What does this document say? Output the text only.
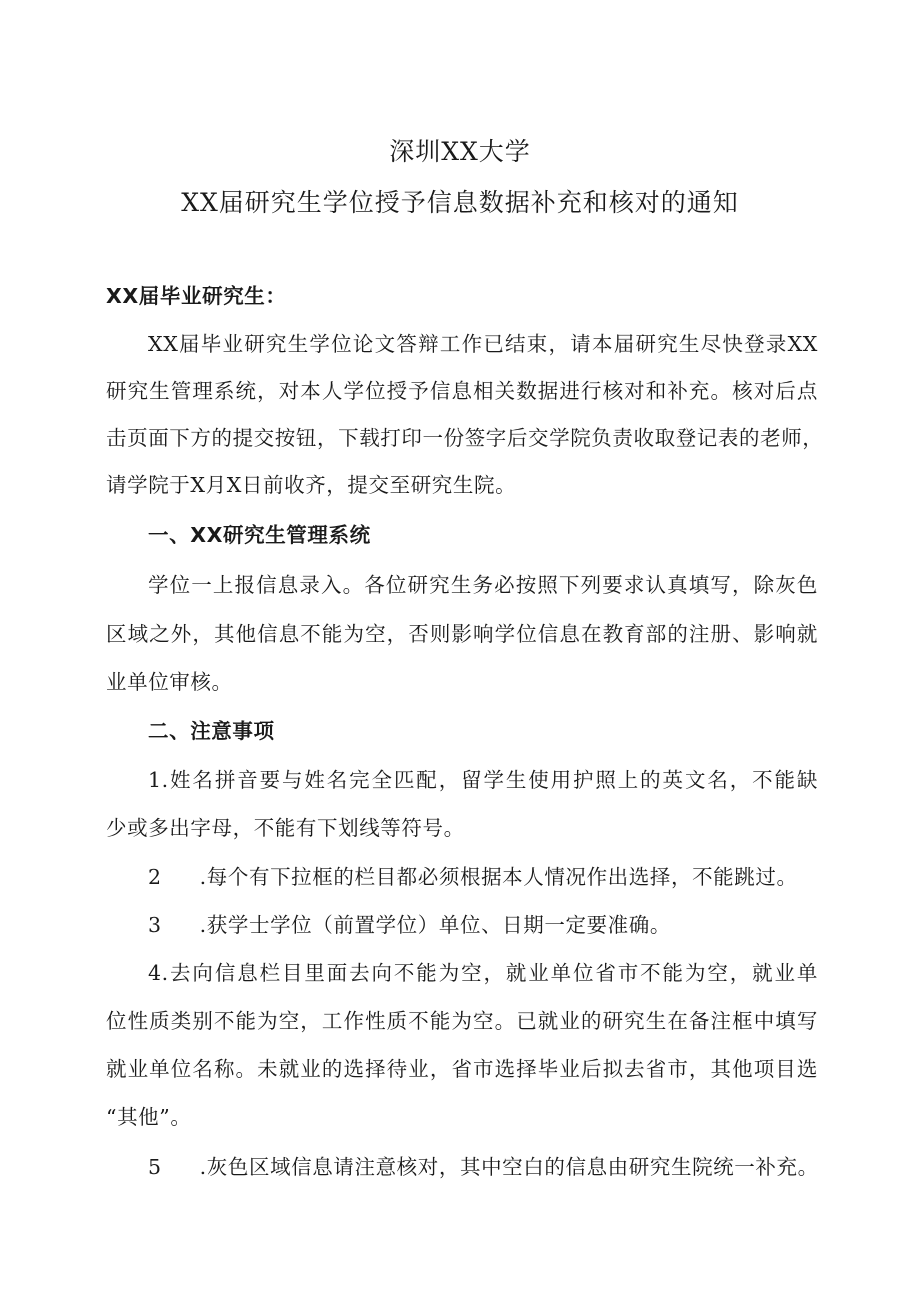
深圳XX大学
XX届研究生学位授予信息数据补充和核对的通知
XX届毕业研究生：
XX届毕业研究生学位论文答辩工作已结束，请本届研究生尽快登录XX
研究生管理系统，对本人学位授予信息相关数据进行核对和补充。核对后点
击页面下方的提交按钮，下载打印一份签字后交学院负责收取登记表的老师，
请学院于X月X日前收齐，提交至研究生院。
一、XX研究生管理系统
学位一上报信息录入。各位研究生务必按照下列要求认真填写，除灰色
区域之外，其他信息不能为空，否则影响学位信息在教育部的注册、影响就
业单位审核。
二、注意事项
1.姓名拼音要与姓名完全匹配，留学生使用护照上的英文名，不能缺
少或多出字母，不能有下划线等符号。
2 .每个有下拉框的栏目都必须根据本人情况作出选择，不能跳过。
3 .获学士学位（前置学位）单位、日期一定要准确。
4.去向信息栏目里面去向不能为空，就业单位省市不能为空，就业单
位性质类别不能为空，工作性质不能为空。已就业的研究生在备注框中填写
就业单位名称。未就业的选择待业，省市选择毕业后拟去省市，其他项目选
“其他”。
5 .灰色区域信息请注意核对，其中空白的信息由研究生院统一补充。
